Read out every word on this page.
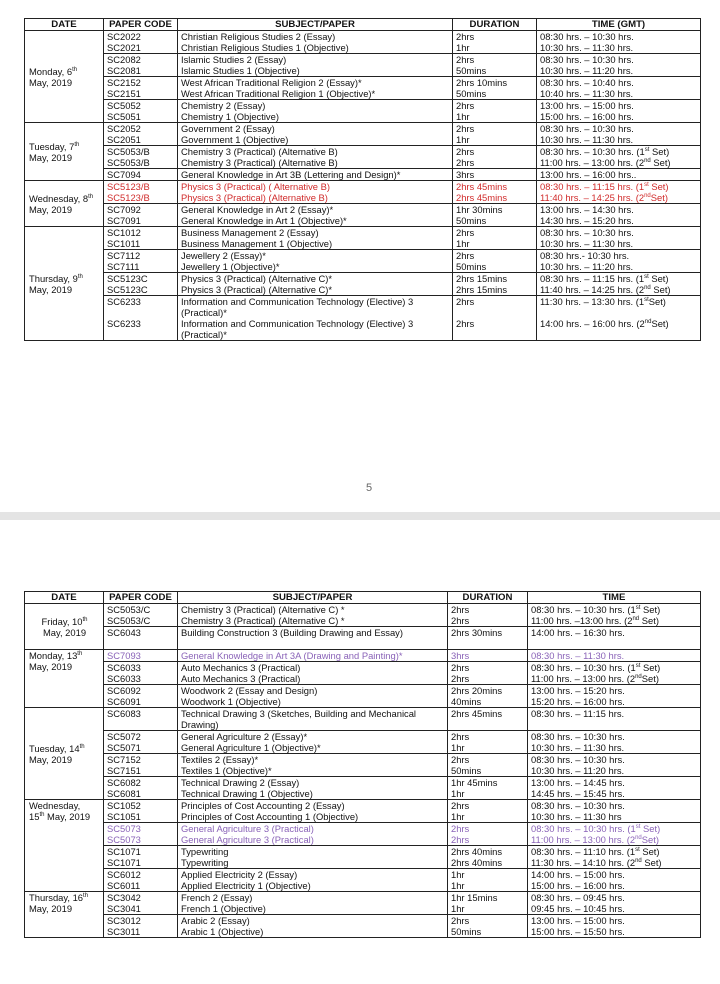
DATE	PAPER CODE	SUBJECT/PAPER	DURATION	TIME (GMT)
Monday, 6th
May, 2019	SC2022	Christian Religious Studies 2 (Essay)	2hrs	08:30 hrs. – 10:30 hrs.
	SC2021	Christian Religious Studies 1 (Objective)	1hr	10:30 hrs. – 11:30 hrs.
	SC2082	Islamic Studies 2 (Essay)	2hrs	08:30 hrs. – 10:30 hrs.
	SC2081	Islamic Studies 1 (Objective)	50mins	10:30 hrs. – 11:20 hrs.
	SC2152	West African Traditional Religion 2 (Essay)*	2hrs 10mins	08:30 hrs. – 10:40 hrs.
	SC2151	West African Traditional Religion 1 (Objective)*	50mins	10:40 hrs. – 11:30 hrs.
	SC5052	Chemistry 2 (Essay)	2hrs	13:00 hrs. – 15:00 hrs.
	SC5051	Chemistry 1 (Objective)	1hr	15:00 hrs. – 16:00 hrs.
Tuesday, 7th
May, 2019	SC2052	Government 2 (Essay)	2hrs	08:30 hrs. – 10:30 hrs.
	SC2051	Government 1 (Objective)	1hr	10:30 hrs. – 11:30 hrs.
	SC5053/B	Chemistry 3 (Practical) (Alternative B)	2hrs	08:30 hrs. – 10:30 hrs. (1st Set)
	SC5053/B	Chemistry 3 (Practical) (Alternative B)	2hrs	11:00 hrs. – 13:00 hrs. (2nd Set)
	SC7094	General Knowledge in Art 3B (Lettering and Design)*	3hrs	13:00 hrs. – 16:00 hrs..
Wednesday, 8th
May, 2019	SC5123/B	Physics 3 (Practical) ( Alternative B)	2hrs 45mins	08:30 hrs. – 11:15 hrs. (1st Set)
	SC5123/B	Physics 3 (Practical) (Alternative B)	2hrs 45mins	11:40 hrs. – 14:25 hrs. (2ndSet)
	SC7092	General Knowledge in Art 2 (Essay)*	1hr 30mins	13:00 hrs. – 14:30 hrs.
	SC7091	General Knowledge in Art 1 (Objective)*	50mins	14:30 hrs. – 15:20 hrs.
Thursday, 9th
May, 2019	SC1012	Business Management 2 (Essay)	2hrs	08:30 hrs. – 10:30 hrs.
	SC1011	Business Management 1 (Objective)	1hr	10:30 hrs. – 11:30 hrs.
	SC7112	Jewellery 2 (Essay)*	2hrs	08:30 hrs.- 10:30 hrs.
	SC7111	Jewellery 1 (Objective)*	50mins	10:30 hrs. – 11:20 hrs.
	SC5123C	Physics 3 (Practical) (Alternative C)*	2hrs 15mins	08:30 hrs. – 11:15 hrs. (1st Set)
	SC5123C	Physics 3 (Practical) (Alternative C)*	2hrs 15mins	11:40 hrs. – 14:25 hrs. (2nd Set)
	SC6233	Information and Communication Technology (Elective) 3 (Practical)*	2hrs	11:30 hrs. – 13:30 hrs. (1stSet)
	SC6233	Information and Communication Technology (Elective) 3 (Practical)*	2hrs	14:00 hrs. – 16:00 hrs. (2ndSet)
5
DATE	PAPER CODE	SUBJECT/PAPER	DURATION	TIME
Friday, 10th
May, 2019	SC5053/C	Chemistry 3 (Practical) (Alternative C) *	2hrs	08:30 hrs. – 10:30 hrs. (1st Set)
	SC5053/C	Chemistry 3 (Practical) (Alternative C) *	2hrs	11:00 hrs. –13:00 hrs. (2nd Set)
	SC6043	Building Construction 3 (Building Drawing and Essay)	2hrs 30mins	14:00 hrs. – 16:30 hrs.
Monday, 13th
May, 2019	SC7093	General Knowledge in Art 3A (Drawing and Painting)*	3hrs	08:30 hrs. – 11:30 hrs.
	SC6033	Auto Mechanics 3 (Practical)	2hrs	08:30 hrs. – 10:30 hrs. (1st Set)
	SC6033	Auto Mechanics 3 (Practical)	2hrs	11:00 hrs. – 13:00 hrs. (2ndSet)
	SC6092	Woodwork 2 (Essay and Design)	2hrs 20mins	13:00 hrs. – 15:20 hrs.
	SC6091	Woodwork 1 (Objective)	40mins	15:20 hrs. – 16:00 hrs.
Tuesday, 14th
May, 2019	SC6083	Technical Drawing 3 (Sketches, Building and Mechanical Drawing)	2hrs 45mins	08:30 hrs. – 11:15 hrs.
	SC5072	General Agriculture 2 (Essay)*	2hrs	08:30 hrs. – 10:30 hrs.
	SC5071	General Agriculture 1 (Objective)*	1hr	10:30 hrs. – 11:30 hrs.
	SC7152	Textiles 2 (Essay)*	2hrs	08:30 hrs. – 10:30 hrs.
	SC7151	Textiles 1 (Objective)*	50mins	10:30 hrs. – 11:20 hrs.
	SC6082	Technical Drawing 2 (Essay)	1hr 45mins	13:00 hrs. – 14:45 hrs.
	SC6081	Technical Drawing 1 (Objective)	1hr	14:45 hrs. – 15:45 hrs.
Wednesday,
15th May, 2019	SC1052	Principles of Cost Accounting 2 (Essay)	2hrs	08:30 hrs. – 10:30 hrs.
	SC1051	Principles of Cost Accounting 1 (Objective)	1hr	10:30 hrs. – 11:30 hrs
	SC5073	General Agriculture 3 (Practical)	2hrs	08:30 hrs. – 10:30 hrs. (1st Set)
	SC5073	General Agriculture 3 (Practical)	2hrs	11:00 hrs. – 13:00 hrs. (2ndSet)
	SC1071	Typewriting	2hrs 40mins	08:30 hrs. – 11:10 hrs. (1st Set)
	SC1071	Typewriting	2hrs 40mins	11:30 hrs. – 14:10 hrs. (2nd Set)
	SC6012	Applied Electricity 2 (Essay)	1hr	14:00 hrs. – 15:00 hrs.
	SC6011	Applied Electricity 1 (Objective)	1hr	15:00 hrs. – 16:00 hrs.
Thursday, 16th
May, 2019	SC3042	French 2 (Essay)	1hr 15mins	08:30 hrs. – 09:45 hrs.
	SC3041	French 1 (Objective)	1hr	09:45 hrs. – 10:45 hrs.
	SC3012	Arabic 2 (Essay)	2hrs	13:00 hrs. – 15:00 hrs.
	SC3011	Arabic 1 (Objective)	50mins	15:00 hrs. – 15:50 hrs.
